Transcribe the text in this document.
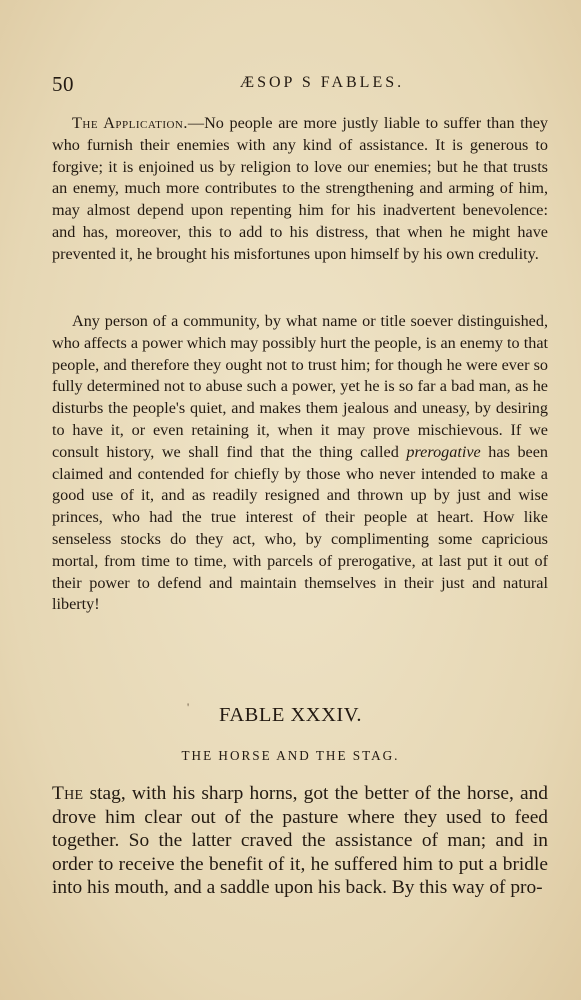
50	ÆSOP S FABLES.
The Application.—No people are more justly liable to suffer than they who furnish their enemies with any kind of assistance. It is generous to forgive; it is enjoined us by religion to love our enemies; but he that trusts an enemy, much more contributes to the strengthening and arming of him, may almost depend upon repenting him for his inadvertent benevolence: and has, moreover, this to add to his distress, that when he might have prevented it, he brought his misfortunes upon himself by his own credulity.
Any person of a community, by what name or title soever distinguished, who affects a power which may possibly hurt the people, is an enemy to that people, and therefore they ought not to trust him; for though he were ever so fully determined not to abuse such a power, yet he is so far a bad man, as he disturbs the people's quiet, and makes them jealous and uneasy, by desiring to have it, or even retaining it, when it may prove mischievous. If we consult history, we shall find that the thing called prerogative has been claimed and contended for chiefly by those who never intended to make a good use of it, and as readily resigned and thrown up by just and wise princes, who had the true interest of their people at heart. How like senseless stocks do they act, who, by complimenting some capricious mortal, from time to time, with parcels of prerogative, at last put it out of their power to defend and maintain themselves in their just and natural liberty!
'	FABLE XXXIV.
THE HORSE AND THE STAG.
The stag, with his sharp horns, got the better of the horse, and drove him clear out of the pasture where they used to feed together. So the latter craved the assistance of man; and in order to receive the benefit of it, he suffered him to put a bridle into his mouth, and a saddle upon his back. By this way of pro-
